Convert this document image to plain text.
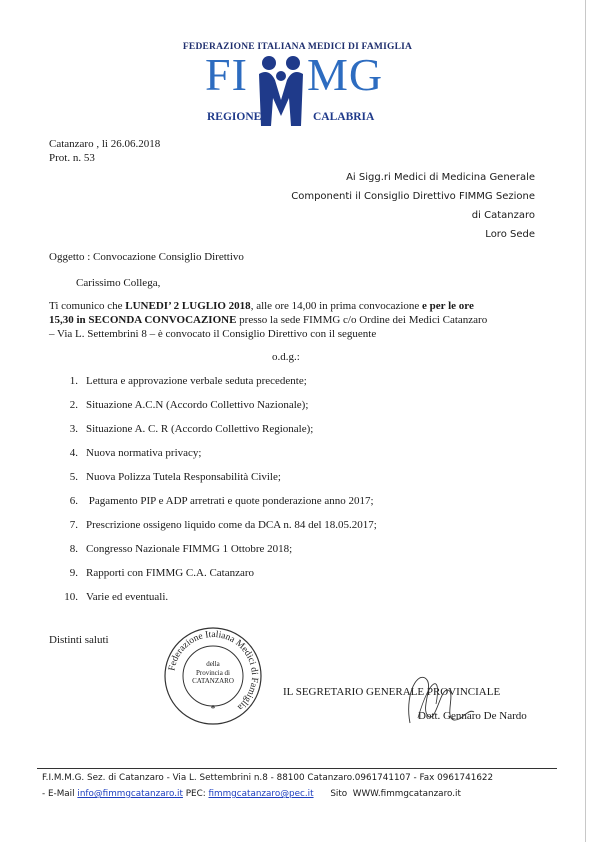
FEDERAZIONE ITALIANA MEDICI DI FAMIGLIA
FI MG
REGIONE	CALABRIA
Catanzaro , li 26.06.2018
Prot. n. 53
Ai Sigg.ri Medici di Medicina Generale
Componenti il Consiglio Direttivo FIMMG Sezione
di Catanzaro
Loro Sede
Oggetto : Convocazione Consiglio Direttivo
Carissimo Collega,
Ti comunico che LUNEDI’ 2 LUGLIO 2018, alle ore 14,00 in prima convocazione e per le ore
15,30 in SECONDA CONVOCAZIONE presso la sede FIMMG c/o Ordine dei Medici Catanzaro
– Via L. Settembrini 8 – è convocato il Consiglio Direttivo con il seguente
o.d.g.:
1. Lettura e approvazione verbale seduta precedente;
2. Situazione A.C.N (Accordo Collettivo Nazionale);
3. Situazione A. C. R (Accordo Collettivo Regionale);
4. Nuova normativa privacy;
5. Nuova Polizza Tutela Responsabilità Civile;
6. Pagamento PIP e ADP arretrati e quote ponderazione anno 2017;
7. Prescrizione ossigeno liquido come da DCA n. 84 del 18.05.2017;
8. Congresso Nazionale FIMMG 1 Ottobre 2018;
9. Rapporti con FIMMG C.A. Catanzaro
10. Varie ed eventuali.
Distinti saluti
Federazione Italiana Medici di Famiglia
*
della
Provincia di
CATANZARO
IL SEGRETARIO GENERALE PROVINCIALE
Dott. Gennaro De Nardo
F.I.M.M.G. Sez. di Catanzaro - Via L. Settembrini n.8 - 88100 Catanzaro.0961741107 - Fax 0961741622
- E-Mail info@fimmgcatanzaro.it PEC: fimmgcatanzaro@pec.it      Sito  WWW.fimmgcatanzaro.it
